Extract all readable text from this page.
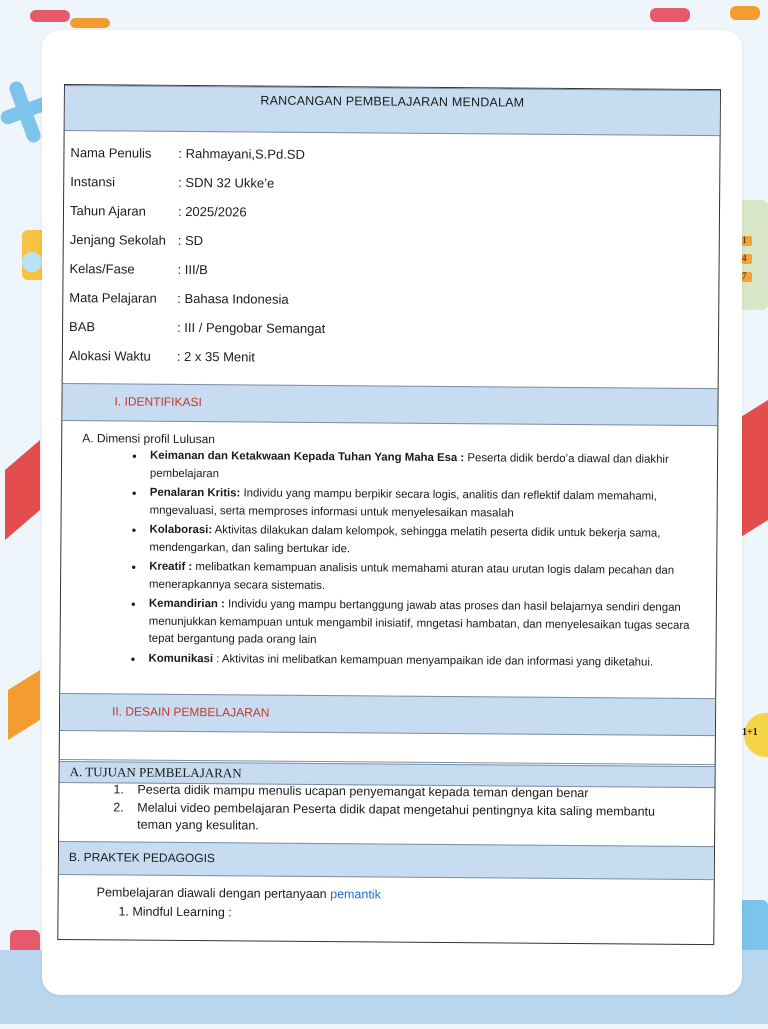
1
4
7
1+1
RANCANGAN PEMBELAJARAN MENDALAM
Nama Penulis : Rahmayani,S.Pd.SD
Instansi	: SDN 32 Ukke’e
Tahun Ajaran : 2025/2026
Jenjang Sekolah : SD
Kelas/Fase	: III/B
Mata Pelajaran : Bahasa Indonesia
BAB	: III / Pengobar Semangat
Alokasi Waktu : 2 x 35 Menit
I. IDENTIFIKASI
A. Dimensi profil Lulusan
● Keimanan dan Ketakwaan Kepada Tuhan Yang Maha Esa : Peserta didik berdo’a diawal dan diakhir pembelajaran
● Penalaran Kritis: Individu yang mampu berpikir secara logis, analitis dan reflektif dalam memahami, mngevaluasi, serta memproses informasi untuk menyelesaikan masalah
● Kolaborasi: Aktivitas dilakukan dalam kelompok, sehingga melatih peserta didik untuk bekerja sama, mendengarkan, dan saling bertukar ide.
● Kreatif : melibatkan kemampuan analisis untuk memahami aturan atau urutan logis dalam pecahan dan menerapkannya secara sistematis.
● Kemandirian : Individu yang mampu bertanggung jawab atas proses dan hasil belajarnya sendiri dengan menunjukkan kemampuan untuk mengambil inisiatif, mngetasi hambatan, dan menyelesaikan tugas secara tepat bergantung pada orang lain
● Komunikasi : Aktivitas ini melibatkan kemampuan menyampaikan ide dan informasi yang diketahui.
II. DESAIN PEMBELAJARAN
A. TUJUAN PEMBELAJARAN
1. Peserta didik mampu menulis ucapan penyemangat kepada teman dengan benar
2. Melalui video pembelajaran Peserta didik dapat mengetahui pentingnya kita saling membantu teman yang kesulitan.
B. PRAKTEK PEDAGOGIS
Pembelajaran diawali dengan pertanyaan pemantik
1. Mindful Learning :
